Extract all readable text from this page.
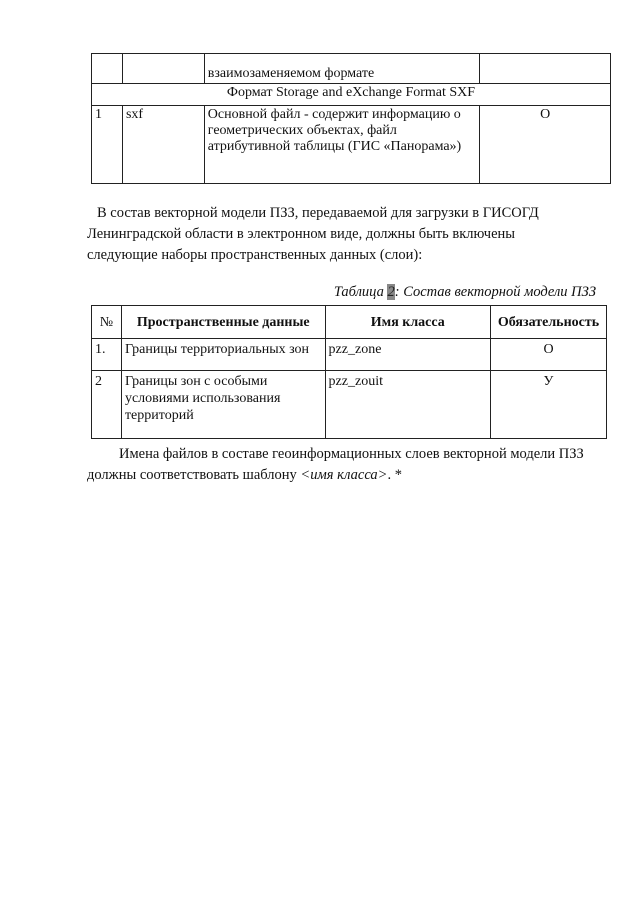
		взаимозаменяемом формате	
Формат Storage and eXchange Format SXF			
1	sxf	Основной файл - содержит информацию о геометрических объектах, файл атрибутивной таблицы (ГИС «Панорама»)	О

В состав векторной модели ПЗЗ, передаваемой для загрузки в ГИСОГД Ленинградской области в электронном виде, должны быть включены следующие наборы пространственных данных (слои):

Таблица 2: Состав векторной модели ПЗЗ
№	Пространственные данные	Имя класса	Обязательность
1.	Границы территориальных зон	pzz_zone	О
2	Границы зон с особыми условиями использования территорий	pzz_zouit	У

Имена файлов в составе геоинформационных слоев векторной модели ПЗЗ должны соответствовать шаблону <имя класса>. *
